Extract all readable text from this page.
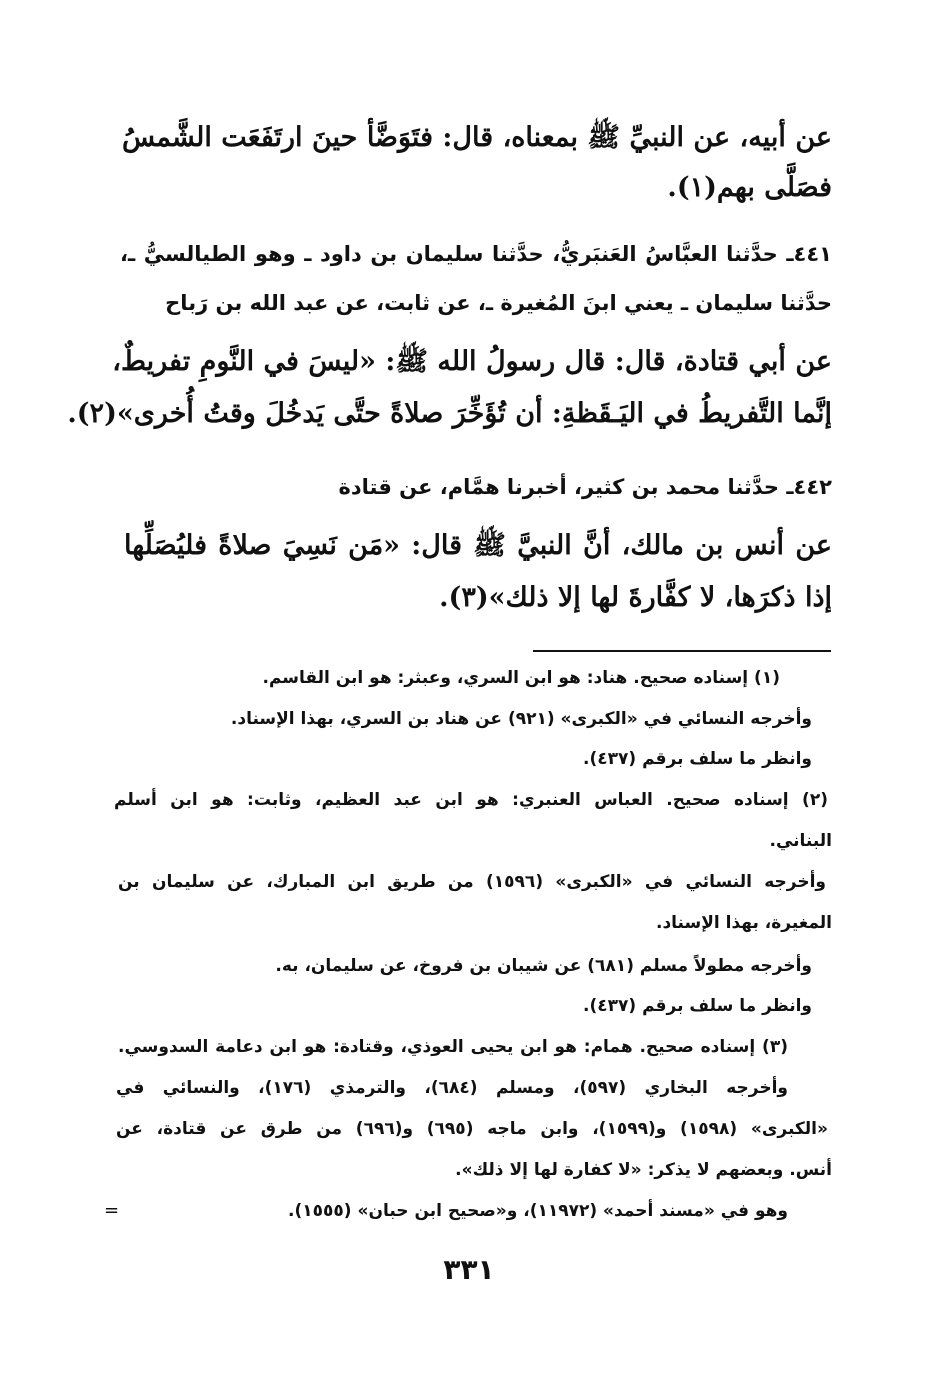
عن أبيه، عن النبيِّ ﷺ بمعناه، قال: فتَوَضَّأ حينَ ارتَفَعَت الشَّمسُ
فصَلَّى بهم(١).
٤٤١ـ حدَّثنا العبَّاسُ العَنبَريُّ، حدَّثنا سليمان بن داود ـ وهو الطيالسيُّ ـ،
حدَّثنا سليمان ـ يعني ابنَ المُغيرة ـ، عن ثابت، عن عبد الله بن رَباح
عن أبي قتادة، قال: قال رسولُ الله ﷺ: «ليسَ في النَّومِ تفريطٌ،
إنَّما التَّفريطُ في اليَـقَظةِ: أن تُؤَخِّرَ صلاةً حتَّى يَدخُلَ وقتُ أُخرى»(٢).
٤٤٢ـ حدَّثنا محمد بن كثير، أخبرنا همَّام، عن قتادة
عن أنس بن مالك، أنَّ النبيَّ ﷺ قال: «مَن نَسِيَ صلاةً فليُصَلِّها
إذا ذكرَها، لا كفَّارةَ لها إلا ذلك»(٣).
(١) إسناده صحيح. هناد: هو ابن السري، وعبثر: هو ابن القاسم.
وأخرجه النسائي في «الكبرى» (٩٢١) عن هناد بن السري، بهذا الإسناد.
وانظر ما سلف برقم (٤٣٧).
(٢) إسناده صحيح. العباس العنبري: هو ابن عبد العظيم، وثابت: هو ابن أسلم
البناني.
وأخرجه النسائي في «الكبرى» (١٥٩٦) من طريق ابن المبارك، عن سليمان بن
المغيرة، بهذا الإسناد.
وأخرجه مطولاً مسلم (٦٨١) عن شيبان بن فروخ، عن سليمان، به.
وانظر ما سلف برقم (٤٣٧).
(٣) إسناده صحيح. همام: هو ابن يحيى العوذي، وقتادة: هو ابن دعامة السدوسي.
وأخرجه البخاري (٥٩٧)، ومسلم (٦٨٤)، والترمذي (١٧٦)، والنسائي في
«الكبرى» (١٥٩٨) و(١٥٩٩)، وابن ماجه (٦٩٥) و(٦٩٦) من طرق عن قتادة، عن
أنس. وبعضهم لا يذكر: «لا كفارة لها إلا ذلك».
وهو في «مسند أحمد» (١١٩٧٢)، و«صحيح ابن حبان» (١٥٥٥).
=
٣٣١
